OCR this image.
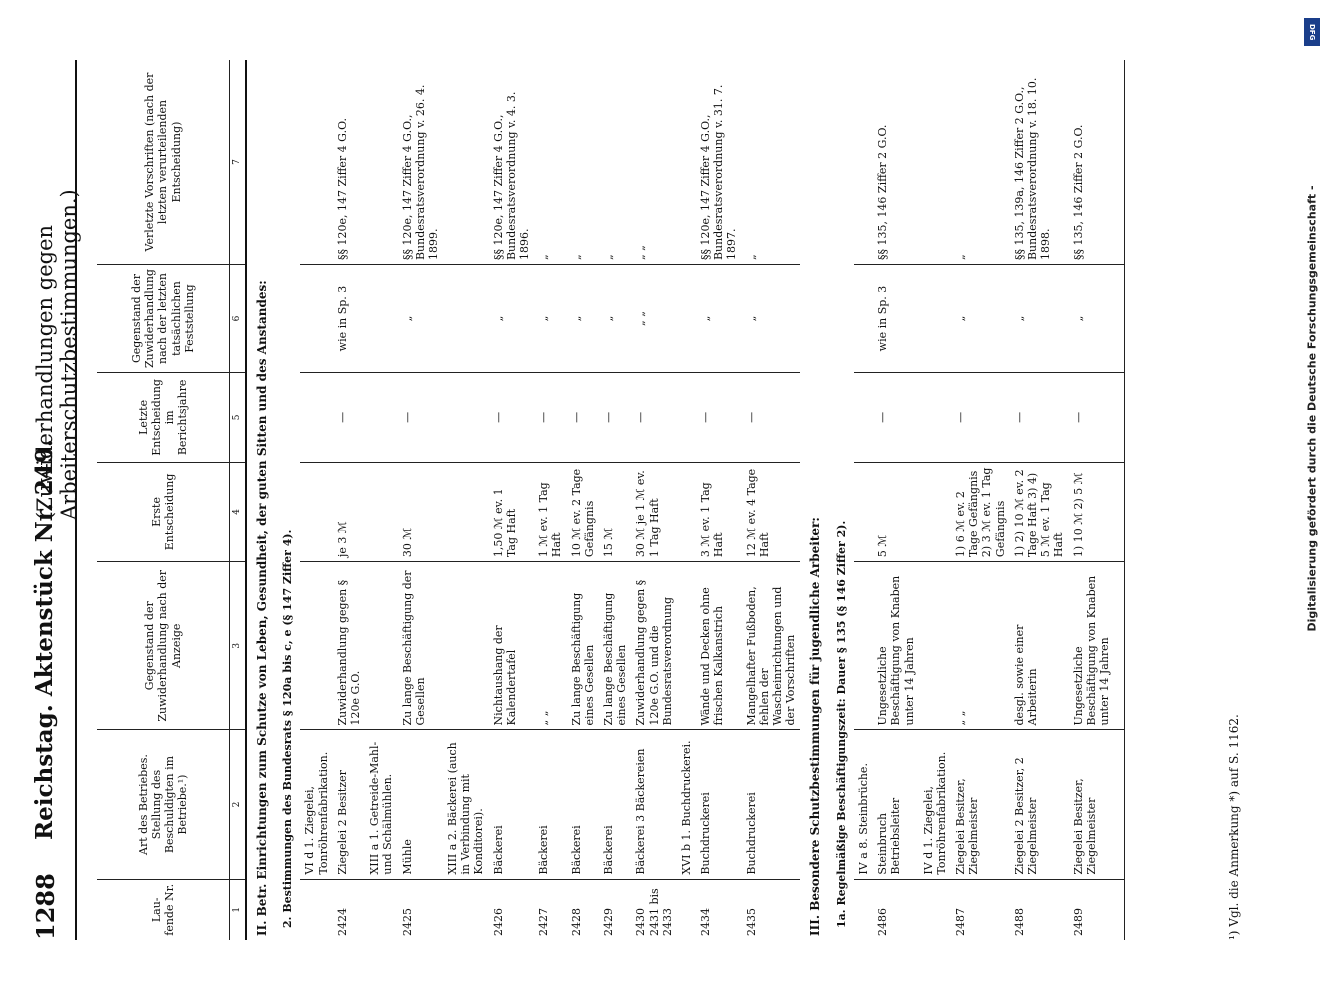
1288
Reichstag. Aktenstück Nr. 249.
(Zuwiderhandlungen gegen Arbeiterschutzbestimmungen.)
Lau-fende Nr.	Art des Betriebes. Stellung des Beschuldigten im Betriebe.¹)	Gegenstand der Zuwiderhandlung nach der Anzeige	Erste Entscheidung	Letzte Entscheidung im Berichtsjahre	Gegenstand der Zuwiderhandlung nach der letzten tatsächlichen Feststellung	Verletzte Vorschriften (nach der letzten verurteilenden Entscheidung)
1	2	3	4	5	6	7
II. Betr. Einrichtungen zum Schutze von Leben, Gesundheit, der guten Sitten und des Anstandes:						
2. Bestimmungen des Bundesrats § 120a bis c, e (§ 147 Ziffer 4).						
	VI d 1. Ziegelei, Tonröhrenfabrikation.					
2424	Ziegelei 2 Besitzer	Zuwiderhandlung gegen § 120e G.O.	je 3 ℳ	—	wie in Sp. 3	§§ 120e, 147 Ziffer 4 G.O.
	XIII a 1. Getreide-Mahl- und Schälmühlen.					
2425	Mühle	Zu lange Beschäftigung der Gesellen	30 ℳ	—	„	§§ 120e, 147 Ziffer 4 G.O., Bundesratsverordnung v. 26. 4. 1899.
	XIII a 2. Bäckerei (auch in Verbindung mit Konditorei).					
2426	Bäckerei	Nichtaushang der Kalendertafel	1,50 ℳ ev. 1 Tag Haft	—	„	§§ 120e, 147 Ziffer 4 G.O., Bundesratsverordnung v. 4. 3. 1896.
2427	Bäckerei	„ „	1 ℳ ev. 1 Tag Haft	—	„	„
2428	Bäckerei	Zu lange Beschäftigung eines Gesellen	10 ℳ ev. 2 Tage Gefängnis	—	„	„
2429	Bäckerei	Zu lange Beschäftigung eines Gesellen	15 ℳ	—	„	„
2430 2431 bis 2433	Bäckerei 3 Bäckereien	Zuwiderhandlung gegen § 120e G.O. und die Bundesratsverordnung	30 ℳ je 1 ℳ ev. 1 Tag Haft	—	„ „	„ „
	XVI b 1. Buchdruckerei.					
2434	Buchdruckerei	Wände und Decken ohne frischen Kalkanstrich	3 ℳ ev. 1 Tag Haft	—	„	§§ 120e, 147 Ziffer 4 G.O., Bundesratsverordnung v. 31. 7. 1897.
2435	Buchdruckerei	Mangelhafter Fußboden, fehlen der Wascheinrichtungen und der Vorschriften	12 ℳ ev. 4 Tage Haft	—	„	„
III. Besondere Schutzbestimmungen für jugendliche Arbeiter:						
1a. Regelmäßige Beschäftigungszeit: Dauer § 135 (§ 146 Ziffer 2).						
	IV a 8. Steinbrüche.					
2486	Steinbruch Betriebsleiter	Ungesetzliche Beschäftigung von Knaben unter 14 Jahren	5 ℳ	—	wie in Sp. 3	§§ 135, 146 Ziffer 2 G.O.
	IV d 1. Ziegelei, Tonröhrenfabrikation.					
2487	Ziegelei Besitzer, Ziegelmeister	„ „	1) 6 ℳ ev. 2 Tage Gefängnis 2) 3 ℳ ev. 1 Tag Gefängnis	—	„	„
2488	Ziegelei 2 Besitzer, 2 Ziegelmeister	desgl. sowie einer Arbeiterin	1) 2) 10 ℳ ev. 2 Tage Haft 3) 4) 5 ℳ ev. 1 Tag Haft	—	„	§§ 135, 139a, 146 Ziffer 2 G.O., Bundesratsverordnung v. 18. 10. 1898.
2489	Ziegelei Besitzer, Ziegelmeister	Ungesetzliche Beschäftigung von Knaben unter 14 Jahren	1) 10 ℳ 2) 5 ℳ	—	„	§§ 135, 146 Ziffer 2 G.O.

¹) Vgl. die Anmerkung *) auf S. 1162.
DFG
Digitalisierung gefördert durch die Deutsche Forschungsgemeinschaft -
